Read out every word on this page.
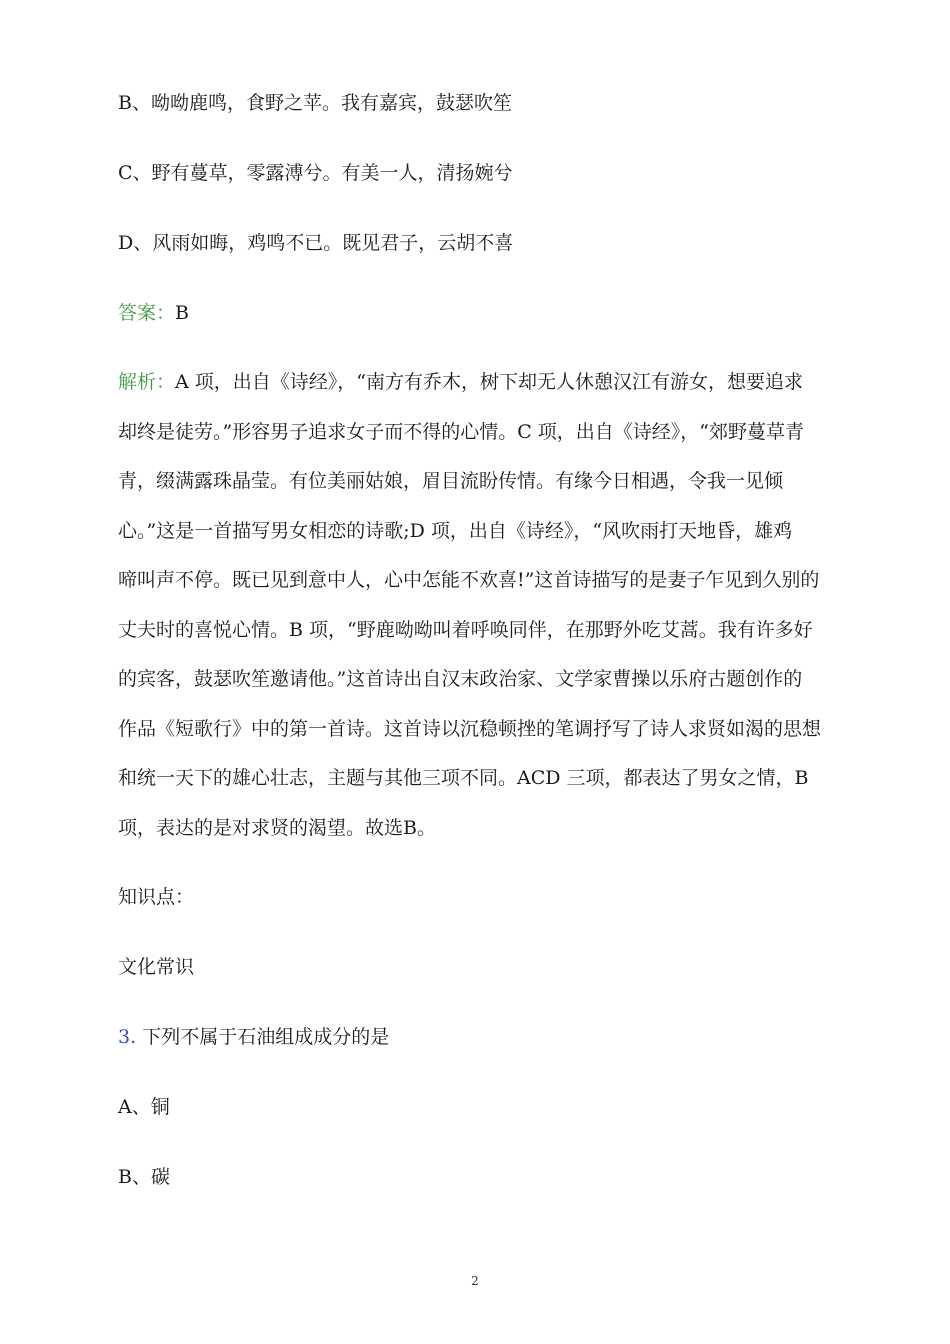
B、呦呦鹿鸣，食野之苹。我有嘉宾，鼓瑟吹笙
C、野有蔓草，零露溥兮。有美一人，清扬婉兮
D、风雨如晦，鸡鸣不已。既见君子，云胡不喜
答案：B
解析：A 项，出自《诗经》，“南方有乔木，树下却无人休憩汉江有游女，想要追求
却终是徒劳。”形容男子追求女子而不得的心情。C 项，出自《诗经》，“郊野蔓草青
青，缀满露珠晶莹。有位美丽姑娘，眉目流盼传情。有缘今日相遇，令我一见倾
心。”这是一首描写男女相恋的诗歌;D 项，出自《诗经》，“风吹雨打天地昏，雄鸡
啼叫声不停。既已见到意中人，心中怎能不欢喜!”这首诗描写的是妻子乍见到久别的
丈夫时的喜悦心情。B 项，“野鹿呦呦叫着呼唤同伴，在那野外吃艾蒿。我有许多好
的宾客，鼓瑟吹笙邀请他。”这首诗出自汉末政治家、文学家曹操以乐府古题创作的
作品《短歌行》中的第一首诗。这首诗以沉稳顿挫的笔调抒写了诗人求贤如渴的思想
和统一天下的雄心壮志，主题与其他三项不同。ACD 三项，都表达了男女之情，B
项，表达的是对求贤的渴望。故选B。
知识点：
文化常识
3. 下列不属于石油组成成分的是
A、铜
B、碳
2
